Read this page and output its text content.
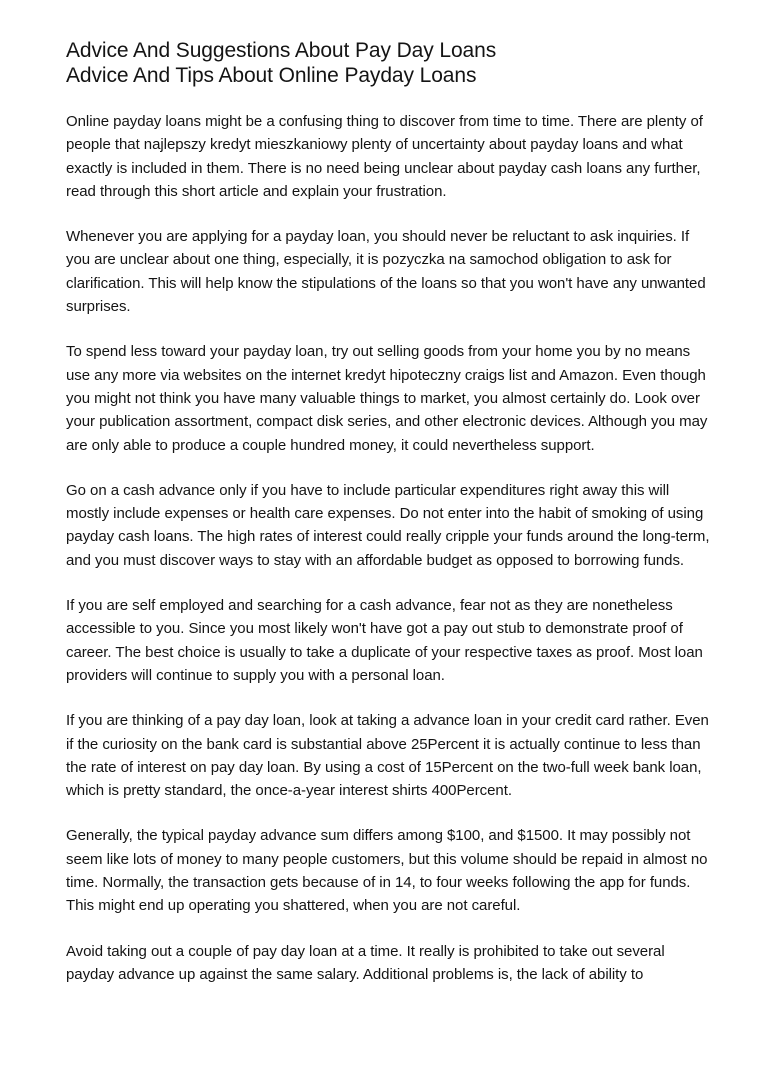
Advice And Suggestions About Pay Day Loans
Advice And Tips About Online Payday Loans

Online payday loans might be a confusing thing to discover from time to time. There are plenty of people that najlepszy kredyt mieszkaniowy plenty of uncertainty about payday loans and what exactly is included in them. There is no need being unclear about payday cash loans any further, read through this short article and explain your frustration.

Whenever you are applying for a payday loan, you should never be reluctant to ask inquiries. If you are unclear about one thing, especially, it is pozyczka na samochod obligation to ask for clarification. This will help know the stipulations of the loans so that you won't have any unwanted surprises.

To spend less toward your payday loan, try out selling goods from your home you by no means use any more via websites on the internet kredyt hipoteczny craigs list and Amazon. Even though you might not think you have many valuable things to market, you almost certainly do. Look over your publication assortment, compact disk series, and other electronic devices. Although you may are only able to produce a couple hundred money, it could nevertheless support.

Go on a cash advance only if you have to include particular expenditures right away this will mostly include expenses or health care expenses. Do not enter into the habit of smoking of using payday cash loans. The high rates of interest could really cripple your funds around the long-term, and you must discover ways to stay with an affordable budget as opposed to borrowing funds.

If you are self employed and searching for a cash advance, fear not as they are nonetheless accessible to you. Since you most likely won't have got a pay out stub to demonstrate proof of career. The best choice is usually to take a duplicate of your respective taxes as proof. Most loan providers will continue to supply you with a personal loan.

If you are thinking of a pay day loan, look at taking a advance loan in your credit card rather. Even if the curiosity on the bank card is substantial above 25Percent it is actually continue to less than the rate of interest on pay day loan. By using a cost of 15Percent on the two-full week bank loan, which is pretty standard, the once-a-year interest shirts 400Percent.

Generally, the typical payday advance sum differs among $100, and $1500. It may possibly not seem like lots of money to many people customers, but this volume should be repaid in almost no time. Normally, the transaction gets because of in 14, to four weeks following the app for funds. This might end up operating you shattered, when you are not careful.

Avoid taking out a couple of pay day loan at a time. It really is prohibited to take out several payday advance up against the same salary. Additional problems is, the lack of ability to
